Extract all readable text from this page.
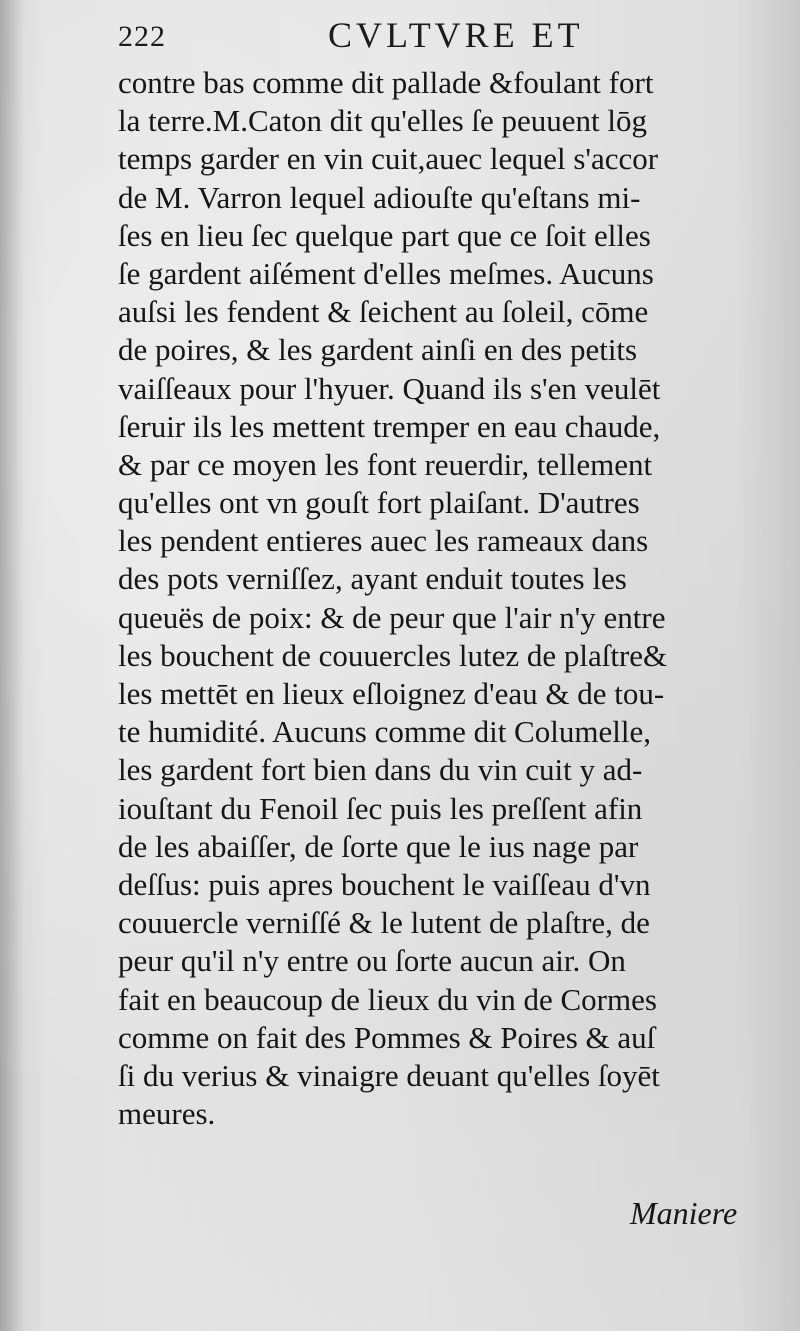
222	CVLTVRE ET
contre bas comme dit pallade &foulant fort
la terre.M.Caton dit qu'elles ſe peuuent lōg
temps garder en vin cuit,auec lequel s'accor
de M. Varron lequel adiouſte qu'eſtans mi-
ſes en lieu ſec quelque part que ce ſoit elles
ſe gardent aiſément d'elles meſmes. Aucuns
auſsi les fendent & ſeichent au ſoleil, cōme
de poires, & les gardent ainſi en des petits
vaiſſeaux pour l'hyuer. Quand ils s'en veulēt
ſeruir ils les mettent tremper en eau chaude,
& par ce moyen les font reuerdir, tellement
qu'elles ont vn gouſt fort plaiſant. D'autres
les pendent entieres auec les rameaux dans
des pots verniſſez, ayant enduit toutes les
queuës de poix: & de peur que l'air n'y entre
les bouchent de couuercles lutez de plaſtre&
les mettēt en lieux eſloignez d'eau & de tou-
te humidité. Aucuns comme dit Columelle,
les gardent fort bien dans du vin cuit y ad-
iouſtant du Fenoil ſec puis les preſſent afin
de les abaiſſer, de ſorte que le ius nage par
deſſus: puis apres bouchent le vaiſſeau d'vn
couuercle verniſſé & le lutent de plaſtre, de
peur qu'il n'y entre ou ſorte aucun air. On
fait en beaucoup de lieux du vin de Cormes
comme on fait des Pommes & Poires & auſ
ſi du verius & vinaigre deuant qu'elles ſoyēt
meures.
Maniere
